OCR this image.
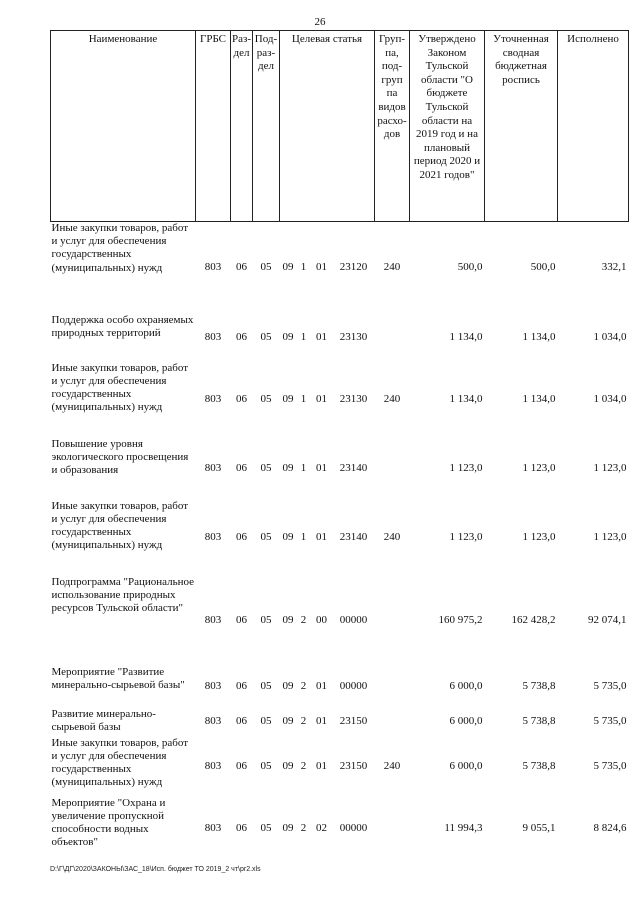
26
Наименование	ГРБС	Раз-дел	Под-раз-дел	Целевая статья				Груп-па, под-груп па видов расхо-дов	Утверждено Законом Тульской области "О бюджете Тульской области на 2019 год и на плановый период 2020 и 2021 годов"	Уточненная сводная бюджетная роспись	Исполнено
Иные закупки товаров, работ и услуг для обеспечения государственных (муниципальных) нужд	803	06	05	09	1	01	23120	240	500,0	500,0	332,1
Поддержка особо охраняемых природных территорий	803	06	05	09	1	01	23130		1 134,0	1 134,0	1 034,0
Иные закупки товаров, работ и услуг для обеспечения государственных (муниципальных) нужд	803	06	05	09	1	01	23130	240	1 134,0	1 134,0	1 034,0
Повышение уровня экологического просвещения и образования	803	06	05	09	1	01	23140		1 123,0	1 123,0	1 123,0
Иные закупки товаров, работ и услуг для обеспечения государственных (муниципальных) нужд	803	06	05	09	1	01	23140	240	1 123,0	1 123,0	1 123,0
Подпрограмма "Рациональное использование природных ресурсов Тульской области"	803	06	05	09	2	00	00000		160 975,2	162 428,2	92 074,1
Мероприятие "Развитие минерально-сырьевой базы"	803	06	05	09	2	01	00000		6 000,0	5 738,8	5 735,0
Развитие минерально-сырьевой базы	803	06	05	09	2	01	23150		6 000,0	5 738,8	5 735,0
Иные закупки товаров, работ и услуг для обеспечения государственных (муниципальных) нужд	803	06	05	09	2	01	23150	240	6 000,0	5 738,8	5 735,0
Мероприятие "Охрана и увеличение пропускной способности водных объектов"	803	06	05	09	2	02	00000		11 994,3	9 055,1	8 824,6
D:\Г\ДГ\2020\ЗАКОНЫ\ЗАС_18\Исп. бюджет ТО 2019_2 чт\pr2.xls
